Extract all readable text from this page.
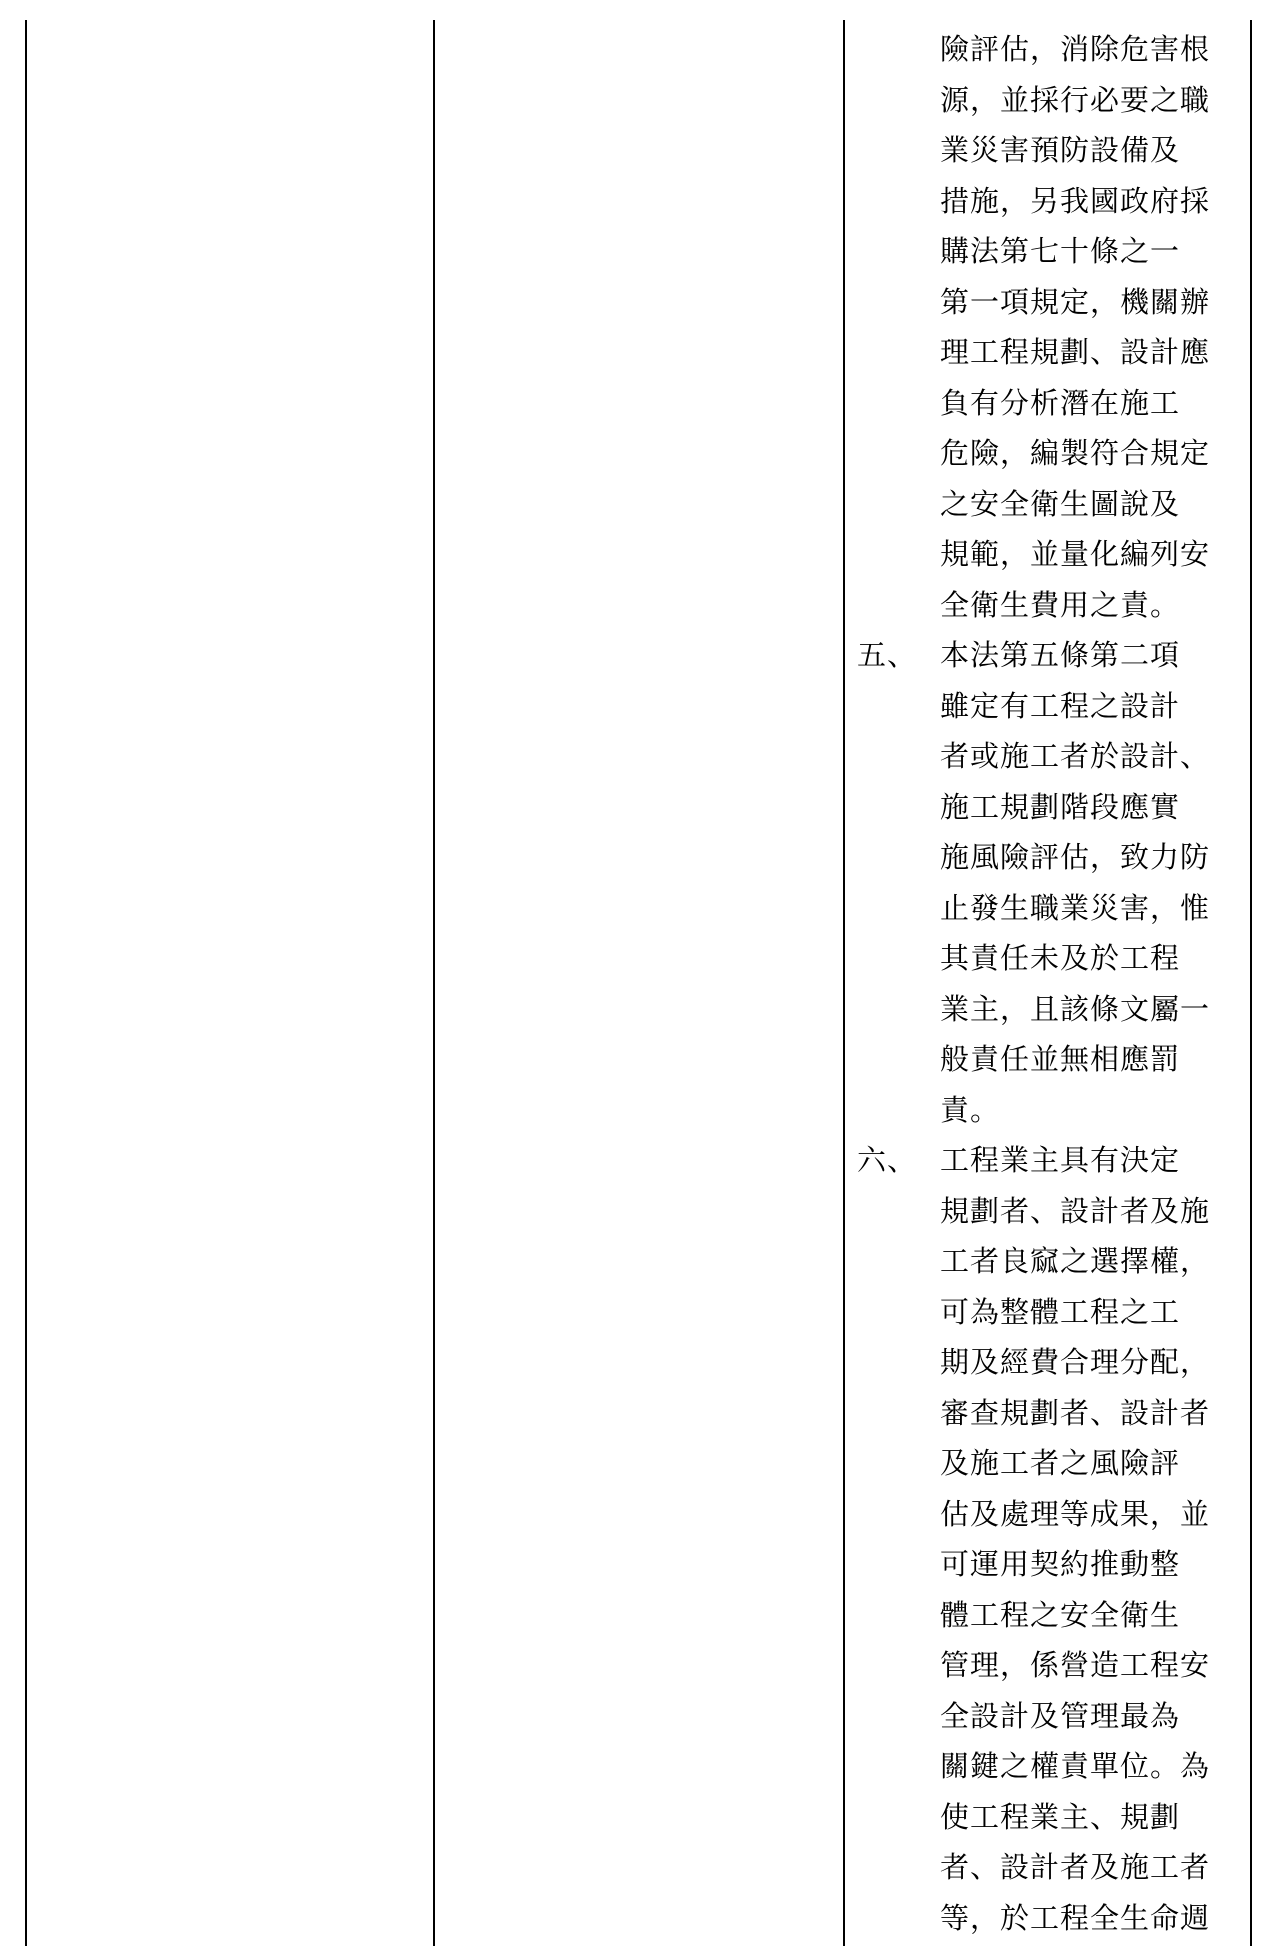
險評估，消除危害根
源，並採行必要之職
業災害預防設備及
措施，另我國政府採
購法第七十條之一
第一項規定，機關辦
理工程規劃、設計應
負有分析潛在施工
危險，編製符合規定
之安全衛生圖說及
規範，並量化編列安
全衛生費用之責。
五、 本法第五條第二項
雖定有工程之設計
者或施工者於設計、
施工規劃階段應實
施風險評估，致力防
止發生職業災害，惟
其責任未及於工程
業主，且該條文屬一
般責任並無相應罰
責。
六、 工程業主具有決定
規劃者、設計者及施
工者良窳之選擇權，
可為整體工程之工
期及經費合理分配，
審查規劃者、設計者
及施工者之風險評
估及處理等成果，並
可運用契約推動整
體工程之安全衛生
管理，係營造工程安
全設計及管理最為
關鍵之權責單位。為
使工程業主、規劃
者、設計者及施工者
等，於工程全生命週
